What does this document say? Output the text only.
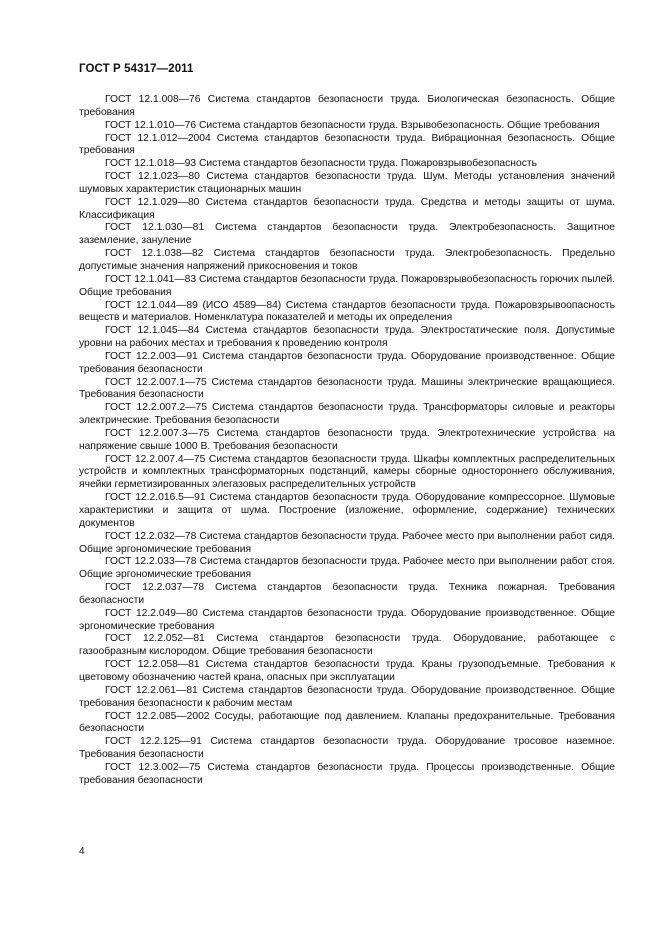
ГОСТ Р 54317—2011

ГОСТ 12.1.008—76 Система стандартов безопасности труда. Биологическая безопасность. Общие требования

ГОСТ 12.1.010—76 Система стандартов безопасности труда. Взрывобезопасность. Общие требования

ГОСТ 12.1.012—2004 Система стандартов безопасности труда. Вибрационная безопасность. Общие требования

ГОСТ 12.1.018—93 Система стандартов безопасности труда. Пожаровзрывобезопасность

ГОСТ 12.1.023—80 Система стандартов безопасности труда. Шум. Методы установления значений шумовых характеристик стационарных машин

ГОСТ 12.1.029—80 Система стандартов безопасности труда. Средства и методы защиты от шума. Классификация

ГОСТ 12.1.030—81 Система стандартов безопасности труда. Электробезопасность. Защитное заземление, зануление

ГОСТ 12.1.038—82 Система стандартов безопасности труда. Электробезопасность. Предельно допустимые значения напряжений прикосновения и токов

ГОСТ 12.1.041—83 Система стандартов безопасности труда. Пожаровзрывобезопасность горючих пылей. Общие требования

ГОСТ 12.1.044—89 (ИСО 4589—84) Система стандартов безопасности труда. Пожаровзрывоопасность веществ и материалов. Номенклатура показателей и методы их определения

ГОСТ 12.1.045—84 Система стандартов безопасности труда. Электростатические поля. Допустимые уровни на рабочих местах и требования к проведению контроля

ГОСТ 12.2.003—91 Система стандартов безопасности труда. Оборудование производственное. Общие требования безопасности

ГОСТ 12.2.007.1—75 Система стандартов безопасности труда. Машины электрические вращающиеся. Требования безопасности

ГОСТ 12.2.007.2—75 Система стандартов безопасности труда. Трансформаторы силовые и реакторы электрические. Требования безопасности

ГОСТ 12.2.007.3—75 Система стандартов безопасности труда. Электротехнические устройства на напряжение свыше 1000 В. Требования безопасности

ГОСТ 12.2.007.4—75 Система стандартов безопасности труда. Шкафы комплектных распределительных устройств и комплектных трансформаторных подстанций, камеры сборные одностороннего обслуживания, ячейки герметизированных элегазовых распределительных устройств

ГОСТ 12.2.016.5—91 Система стандартов безопасности труда. Оборудование компрессорное. Шумовые характеристики и защита от шума. Построение (изложение, оформление, содержание) технических документов

ГОСТ 12.2.032—78 Система стандартов безопасности труда. Рабочее место при выполнении работ сидя. Общие эргономические требования

ГОСТ 12.2.033—78 Система стандартов безопасности труда. Рабочее место при выполнении работ стоя. Общие эргономические требования

ГОСТ 12.2.037—78 Система стандартов безопасности труда. Техника пожарная. Требования безопасности

ГОСТ 12.2.049—80 Система стандартов безопасности труда. Оборудование производственное. Общие эргономические требования

ГОСТ 12.2.052—81 Система стандартов безопасности труда. Оборудование, работающее с газообразным кислородом. Общие требования безопасности

ГОСТ 12.2.058—81 Система стандартов безопасности труда. Краны грузоподъемные. Требования к цветовому обозначению частей крана, опасных при эксплуатации

ГОСТ 12.2.061—81 Система стандартов безопасности труда. Оборудование производственное. Общие требования безопасности к рабочим местам

ГОСТ 12.2.085—2002 Сосуды, работающие под давлением. Клапаны предохранительные. Требования безопасности

ГОСТ 12.2.125—91 Система стандартов безопасности труда. Оборудование тросовое наземное. Требования безопасности

ГОСТ 12.3.002—75 Система стандартов безопасности труда. Процессы производственные. Общие требования безопасности

4
